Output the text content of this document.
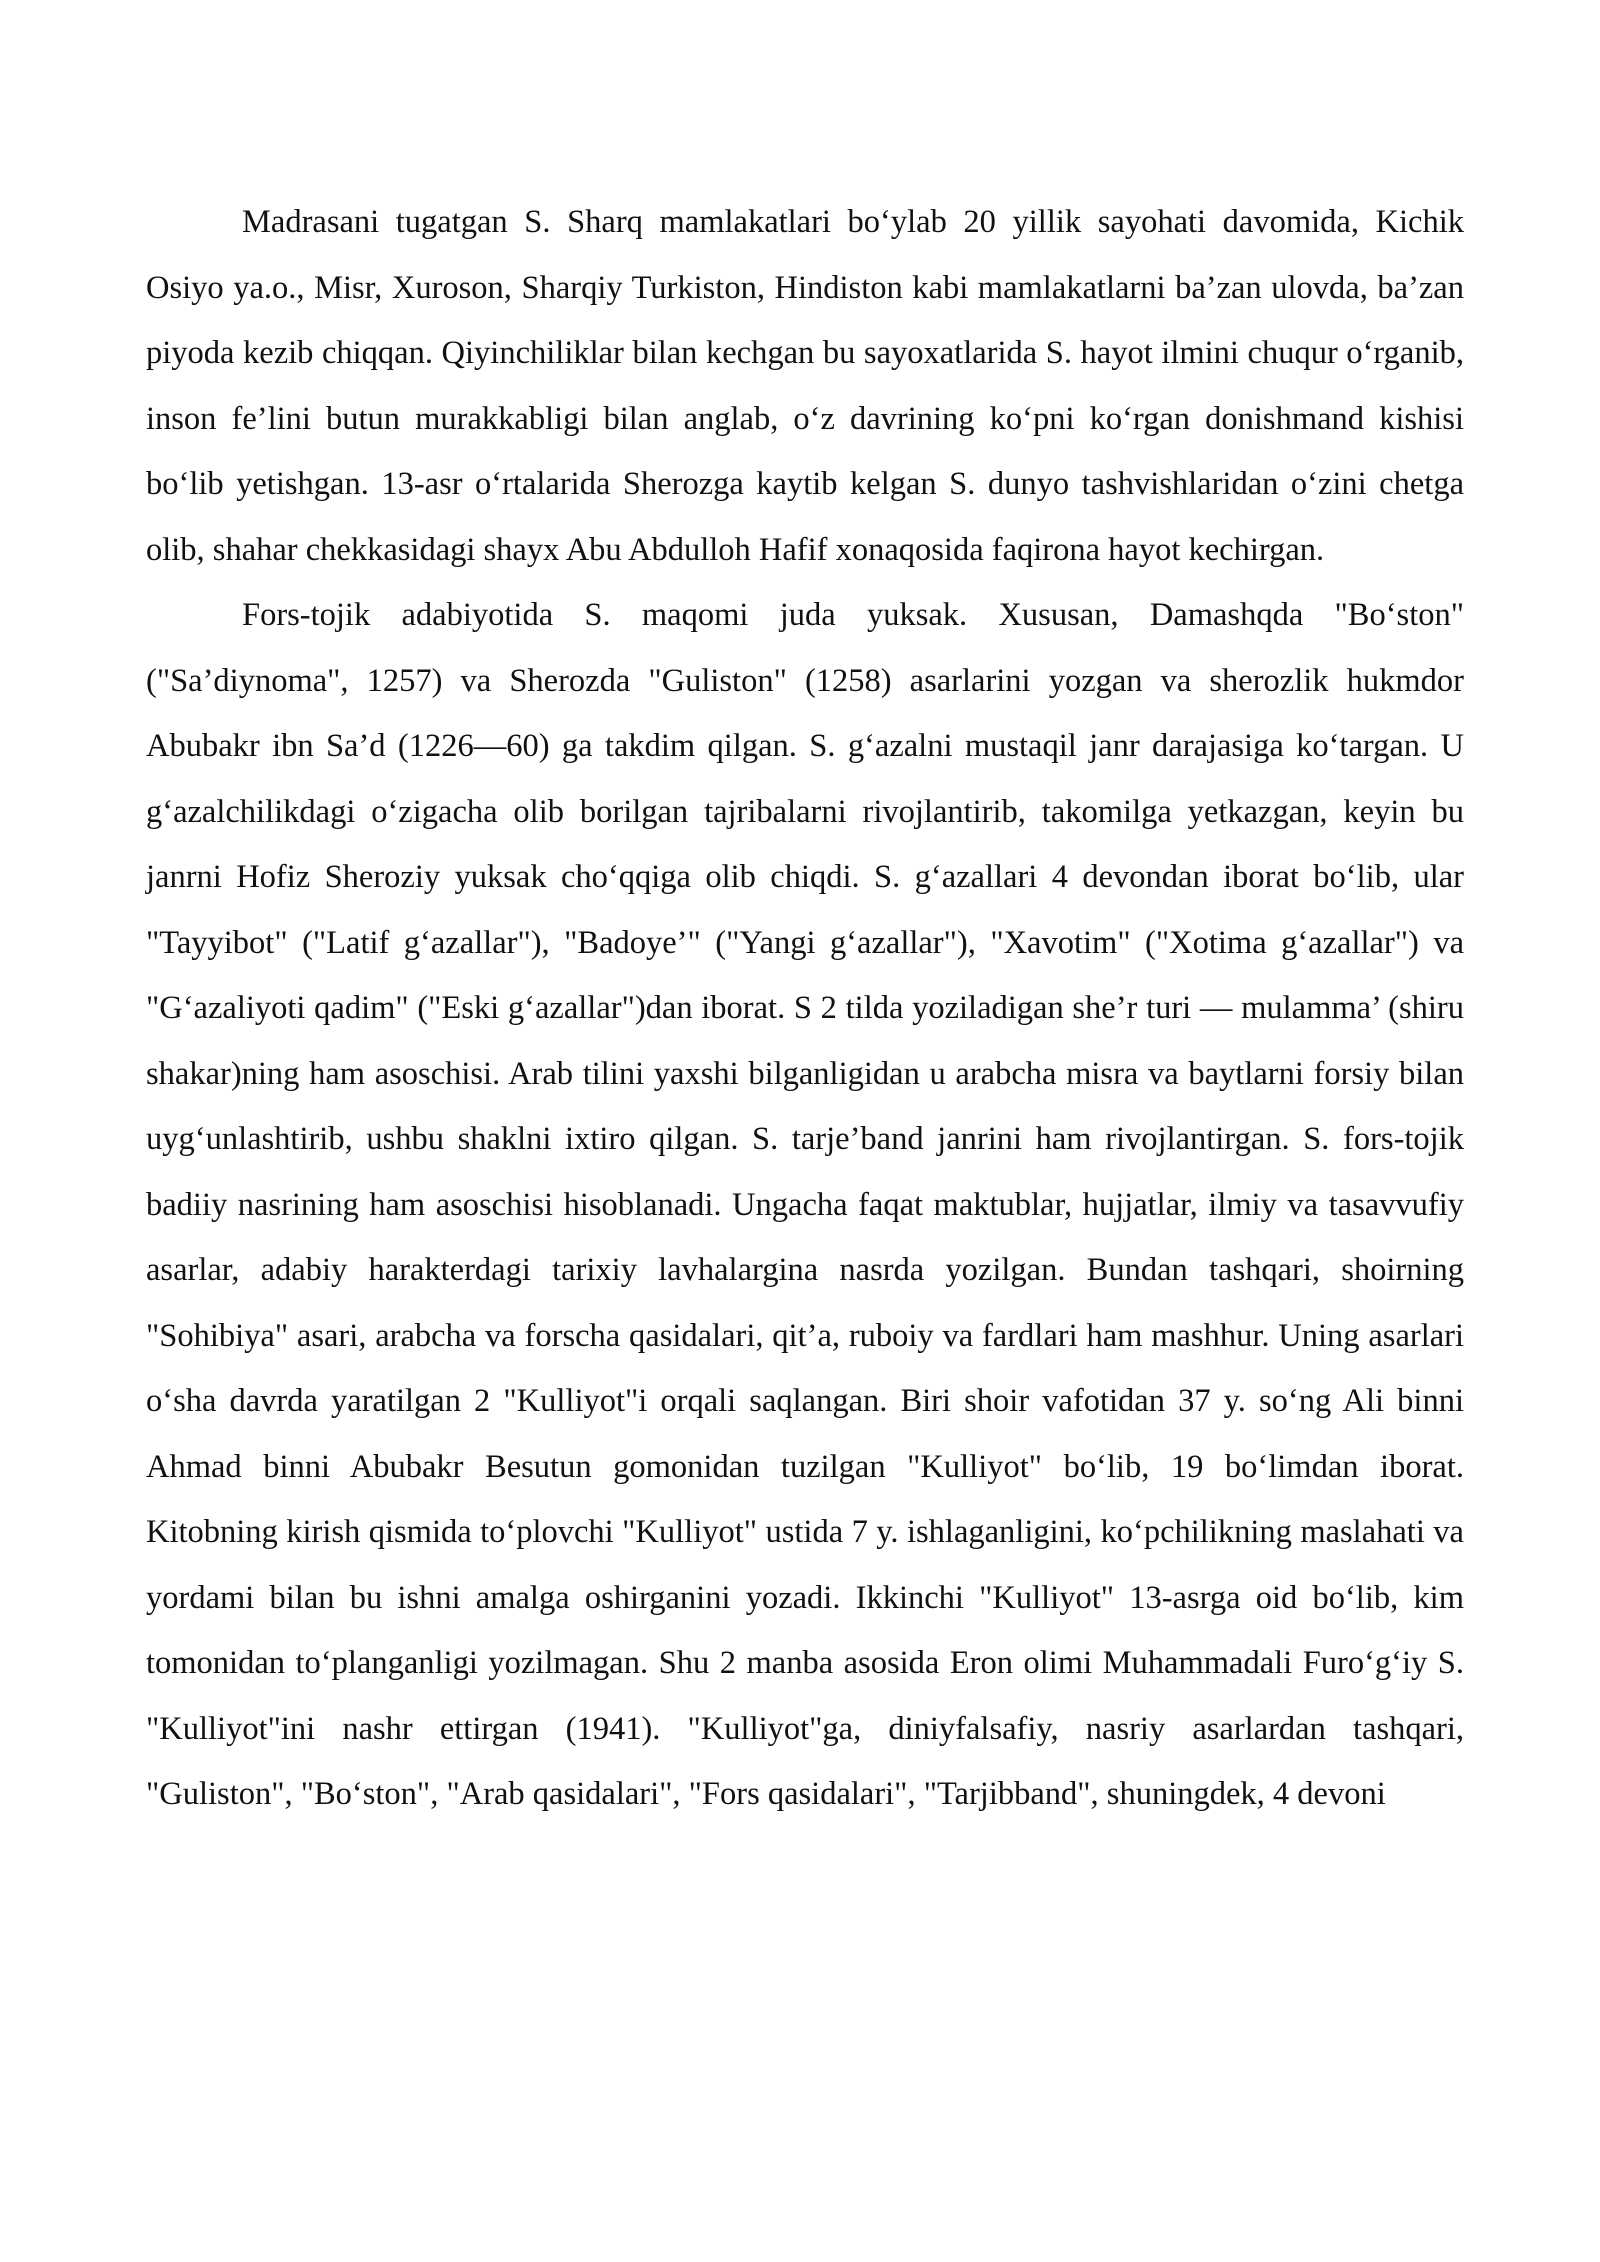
Madrasani tugatgan S. Sharq mamlakatlari bo‘ylab 20 yillik sayohati davomida, Kichik Osiyo ya.o., Misr, Xuroson, Sharqiy Turkiston, Hindiston kabi mamlakatlarni ba’zan ulovda, ba’zan piyoda kezib chiqqan. Qiyinchiliklar bilan kechgan bu sayoxatlarida S. hayot ilmini chuqur o‘rganib, inson fe’lini butun murakkabligi bilan anglab, o‘z davrining ko‘pni ko‘rgan donishmand kishisi bo‘lib yetishgan. 13-asr o‘rtalarida Sherozga kaytib kelgan S. dunyo tashvishlaridan o‘zini chetga olib, shahar chekkasidagi shayx Abu Abdulloh Hafif xonaqosida faqirona hayot kechirgan.

Fors-tojik adabiyotida S. maqomi juda yuksak. Xususan, Damashqda "Bo‘ston" ("Sa’diynoma", 1257) va Sherozda "Guliston" (1258) asarlarini yozgan va sherozlik hukmdor Abubakr ibn Sa’d (1226—60) ga takdim qilgan. S. g‘azalni mustaqil janr darajasiga ko‘targan. U g‘azalchilikdagi o‘zigacha olib borilgan tajribalarni rivojlantirib, takomilga yetkazgan, keyin bu janrni Hofiz Sheroziy yuksak cho‘qqiga olib chiqdi. S. g‘azallari 4 devondan iborat bo‘lib, ular "Tayyibot" ("Latif g‘azallar"), "Badoye’" ("Yangi g‘azallar"), "Xavotim" ("Xotima g‘azallar") va "G‘azaliyoti qadim" ("Eski g‘azallar")dan iborat. S 2 tilda yoziladigan she’r turi — mulamma’ (shiru shakar)ning ham asoschisi. Arab tilini yaxshi bilganligidan u arabcha misra va baytlarni forsiy bilan uyg‘unlashtirib, ushbu shaklni ixtiro qilgan. S. tarje’band janrini ham rivojlantirgan. S. fors-tojik badiiy nasrining ham asoschisi hisoblanadi. Ungacha faqat maktublar, hujjatlar, ilmiy va tasavvufiy asarlar, adabiy harakterdagi tarixiy lavhalargina nasrda yozilgan. Bundan tashqari, shoirning "Sohibiya" asari, arabcha va forscha qasidalari, qit’a, ruboiy va fardlari ham mashhur. Uning asarlari o‘sha davrda yaratilgan 2 "Kulliyot"i orqali saqlangan. Biri shoir vafotidan 37 y. so‘ng Ali binni Ahmad binni Abubakr Besutun gomonidan tuzilgan "Kulliyot" bo‘lib, 19 bo‘limdan iborat. Kitobning kirish qismida to‘plovchi "Kulliyot" ustida 7 y. ishlaganligini, ko‘pchilikning maslahati va yordami bilan bu ishni amalga oshirganini yozadi. Ikkinchi "Kulliyot" 13-asrga oid bo‘lib, kim tomonidan to‘planganligi yozilmagan. Shu 2 manba asosida Eron olimi Muhammadali Furo‘g‘iy S. "Kulliyot"ini nashr ettirgan (1941). "Kulliyot"ga, diniyfalsafiy, nasriy asarlardan tashqari, "Guliston", "Bo‘ston", "Arab qasidalari", "Fors qasidalari", "Tarjibband", shuningdek, 4 devoni
